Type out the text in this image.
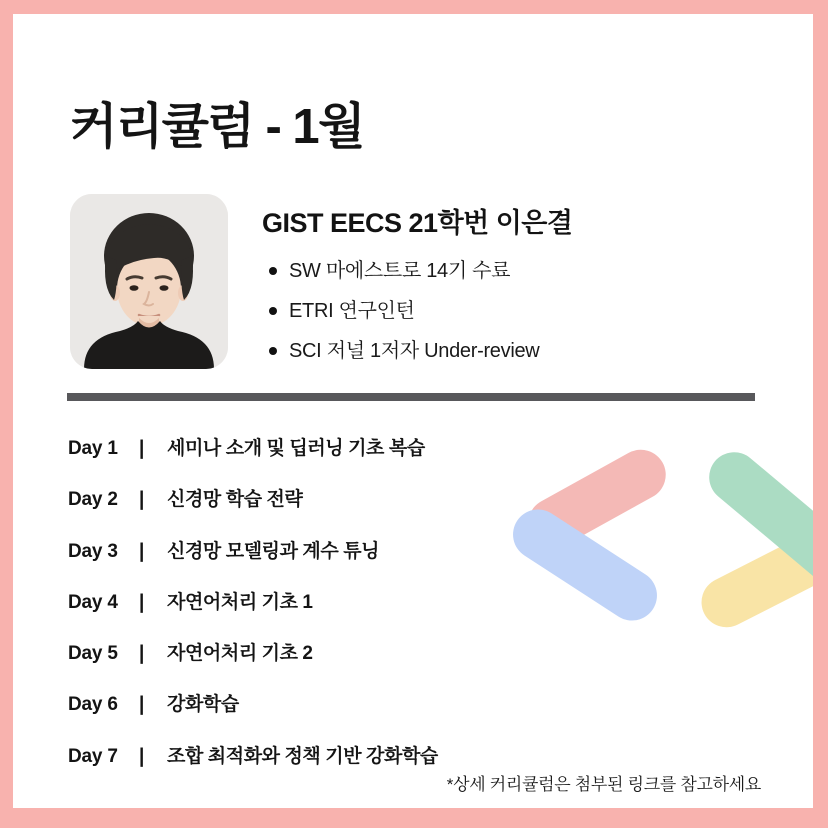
커리큘럼 - 1월
GIST EECS 21학번 이은결
SW 마에스트로 14기 수료
ETRI 연구인턴
SCI 저널 1저자 Under-review
Day 1	|	세미나 소개 및 딥러닝 기초 복습
Day 2	|	신경망 학습 전략
Day 3	|	신경망 모델링과 계수 튜닝
Day 4	|	자연어처리 기초 1
Day 5	|	자연어처리 기초 2
Day 6	|	강화학습
Day 7	|	조합 최적화와 정책 기반 강화학습
*상세 커리큘럼은 첨부된 링크를 참고하세요
